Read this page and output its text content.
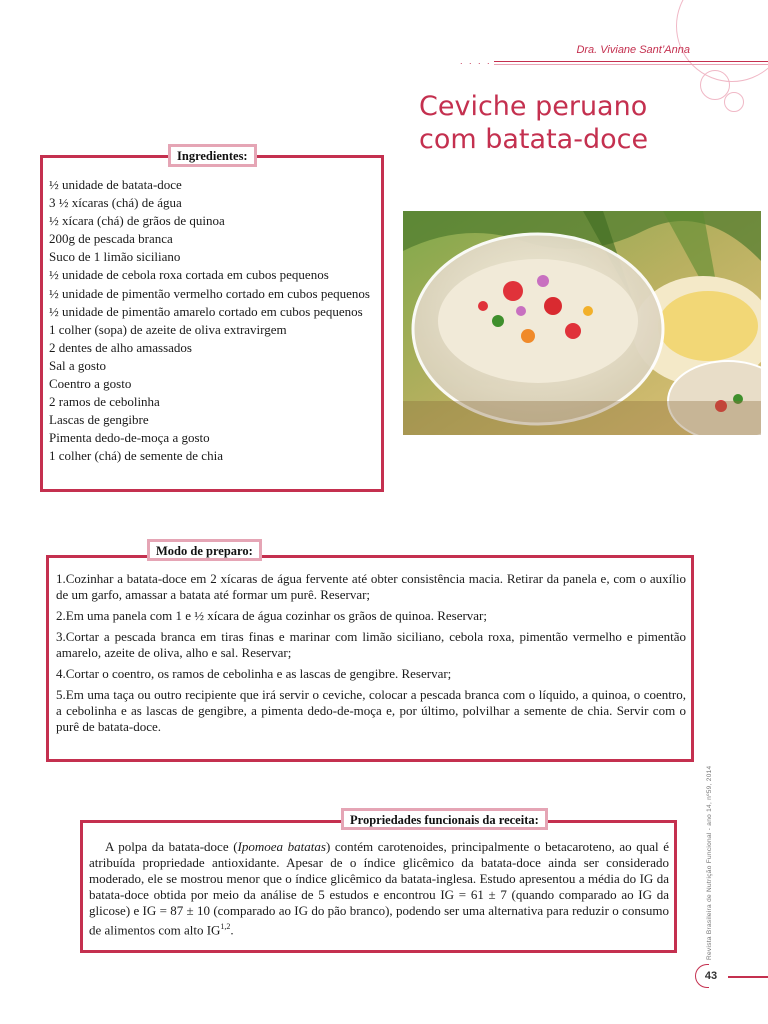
Dra. Viviane Sant’Anna
. . . .
Ceviche peruano
com batata-doce
Ingredientes:
½ unidade de batata-doce
3 ½ xícaras (chá) de água
½ xícara (chá) de grãos de quinoa
200g de pescada branca
Suco de 1 limão siciliano
½ unidade de cebola roxa cortada em cubos pequenos
½ unidade de pimentão vermelho cortado em cubos pequenos
½ unidade de pimentão amarelo cortado em cubos pequenos
1 colher (sopa) de azeite de oliva extravirgem
2 dentes de alho amassados
Sal a gosto
Coentro a gosto
2 ramos de cebolinha
Lascas de gengibre
Pimenta dedo-de-moça a gosto
1 colher (chá) de semente de chia
Modo de preparo:

1.Cozinhar a batata-doce em 2 xícaras de água fervente até obter consistência macia. Retirar da panela e, com o auxílio de um garfo, amassar a batata até formar um purê. Reservar;

2.Em uma panela com 1 e ½ xícara de água cozinhar os grãos de quinoa. Reservar;

3.Cortar a pescada branca em tiras finas e marinar com limão siciliano, cebola roxa, pimentão vermelho e pimentão amarelo, azeite de oliva, alho e sal. Reservar;

4.Cortar o coentro, os ramos de cebolinha e as lascas de gengibre. Reservar;

5.Em uma taça ou outro recipiente que irá servir o ceviche, colocar a pescada branca com o líquido, a quinoa, o coentro, a cebolinha e as lascas de gengibre, a pimenta dedo-de-moça e, por último, polvilhar a semente de chia. Servir com o purê de batata-doce.

Propriedades funcionais da receita:

A polpa da batata-doce (Ipomoea batatas) contém carotenoides, principalmente o betacaroteno, ao qual é atribuída propriedade antioxidante. Apesar de o índice glicêmico da batata-doce ainda ser considerado moderado, ele se mostrou menor que o índice glicêmico da batata-inglesa. Estudo apresentou a média do IG da batata-doce obtida por meio da análise de 5 estudos e encontrou IG = 61 ± 7 (quando comparado ao IG da glicose) e IG = 87 ± 10 (comparado ao IG do pão branco), podendo ser uma alternativa para reduzir o consumo de alimentos com alto IG$^{1,2}$.	Revista Brasileira de Nutrição Funcional - ano 14, nº59, 2014
43
